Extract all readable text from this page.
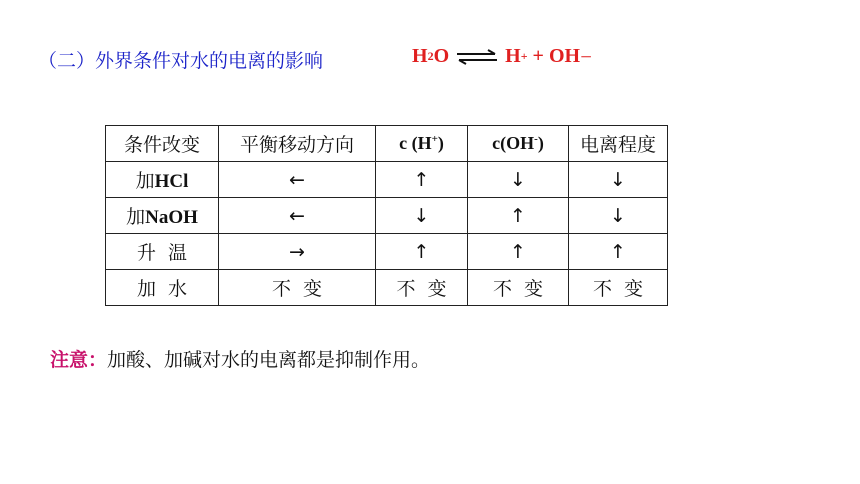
（二）外界条件对水的电离的影响	H 2 O ⇌ H + + OH －
条件改变	平衡移动方向	c (H+)	c(OH-)	电离程度
加HCl	←	↑	↓	↓
加NaOH	←	↓	↑	↓
升  温	→	↑	↑	↑
加  水	不  变	不  变	不  变	不  变
注意：加酸、加碱对水的电离都是抑制作用。
